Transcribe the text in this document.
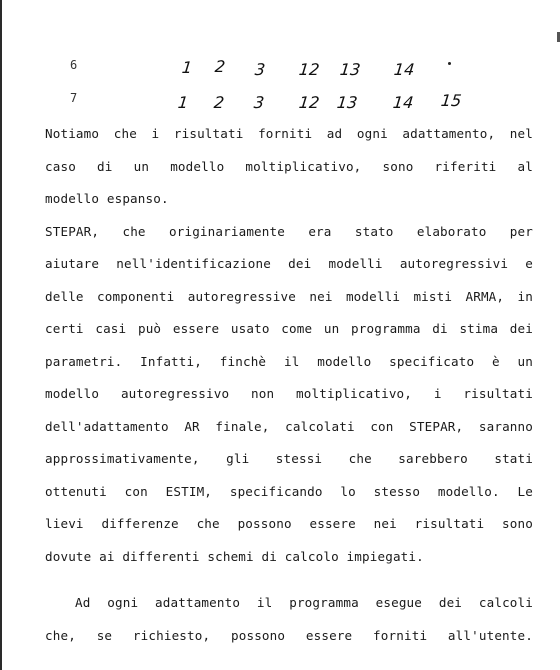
6	1 2 3 12 13 14
7	1 2 3 12 13 14 15
Notiamo che i risultati forniti ad ogni adattamento, nel
caso di un modello moltiplicativo, sono riferiti al
modello espanso.
STEPAR, che originariamente era stato elaborato per
aiutare nell'identificazione dei modelli autoregressivi e
delle componenti autoregressive nei modelli misti ARMA, in
certi casi può essere usato come un programma di stima dei
parametri. Infatti, finchè il modello specificato è un
modello autoregressivo non moltiplicativo, i risultati
dell'adattamento AR finale, calcolati con STEPAR, saranno
approssimativamente, gli stessi che sarebbero stati
ottenuti con ESTIM, specificando lo stesso modello. Le
lievi differenze che possono essere nei risultati sono
dovute ai differenti schemi di calcolo impiegati.
Ad ogni adattamento il programma esegue dei calcoli
che, se richiesto, possono essere forniti all'utente.
